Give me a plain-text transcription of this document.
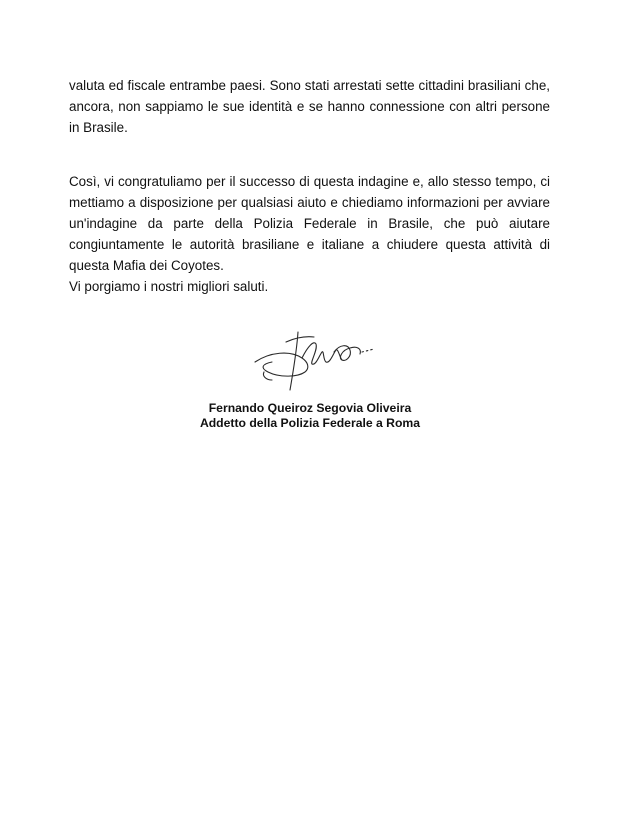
valuta ed fiscale entrambe paesi. Sono stati arrestati sette cittadini brasiliani che, ancora, non sappiamo le sue identità e se hanno connessione con altri persone in Brasile.

Così, vi congratuliamo per il successo di questa indagine e, allo stesso tempo, ci mettiamo a disposizione per qualsiasi aiuto e chiediamo informazioni per avviare un'indagine da parte della Polizia Federale in Brasile, che può aiutare congiuntamente le autorità brasiliane e italiane a chiudere questa attività di questa Mafia dei Coyotes.

Vi porgiamo i nostri migliori saluti.

Fernando Queiroz Segovia Oliveira
Addetto della Polizia Federale a Roma
